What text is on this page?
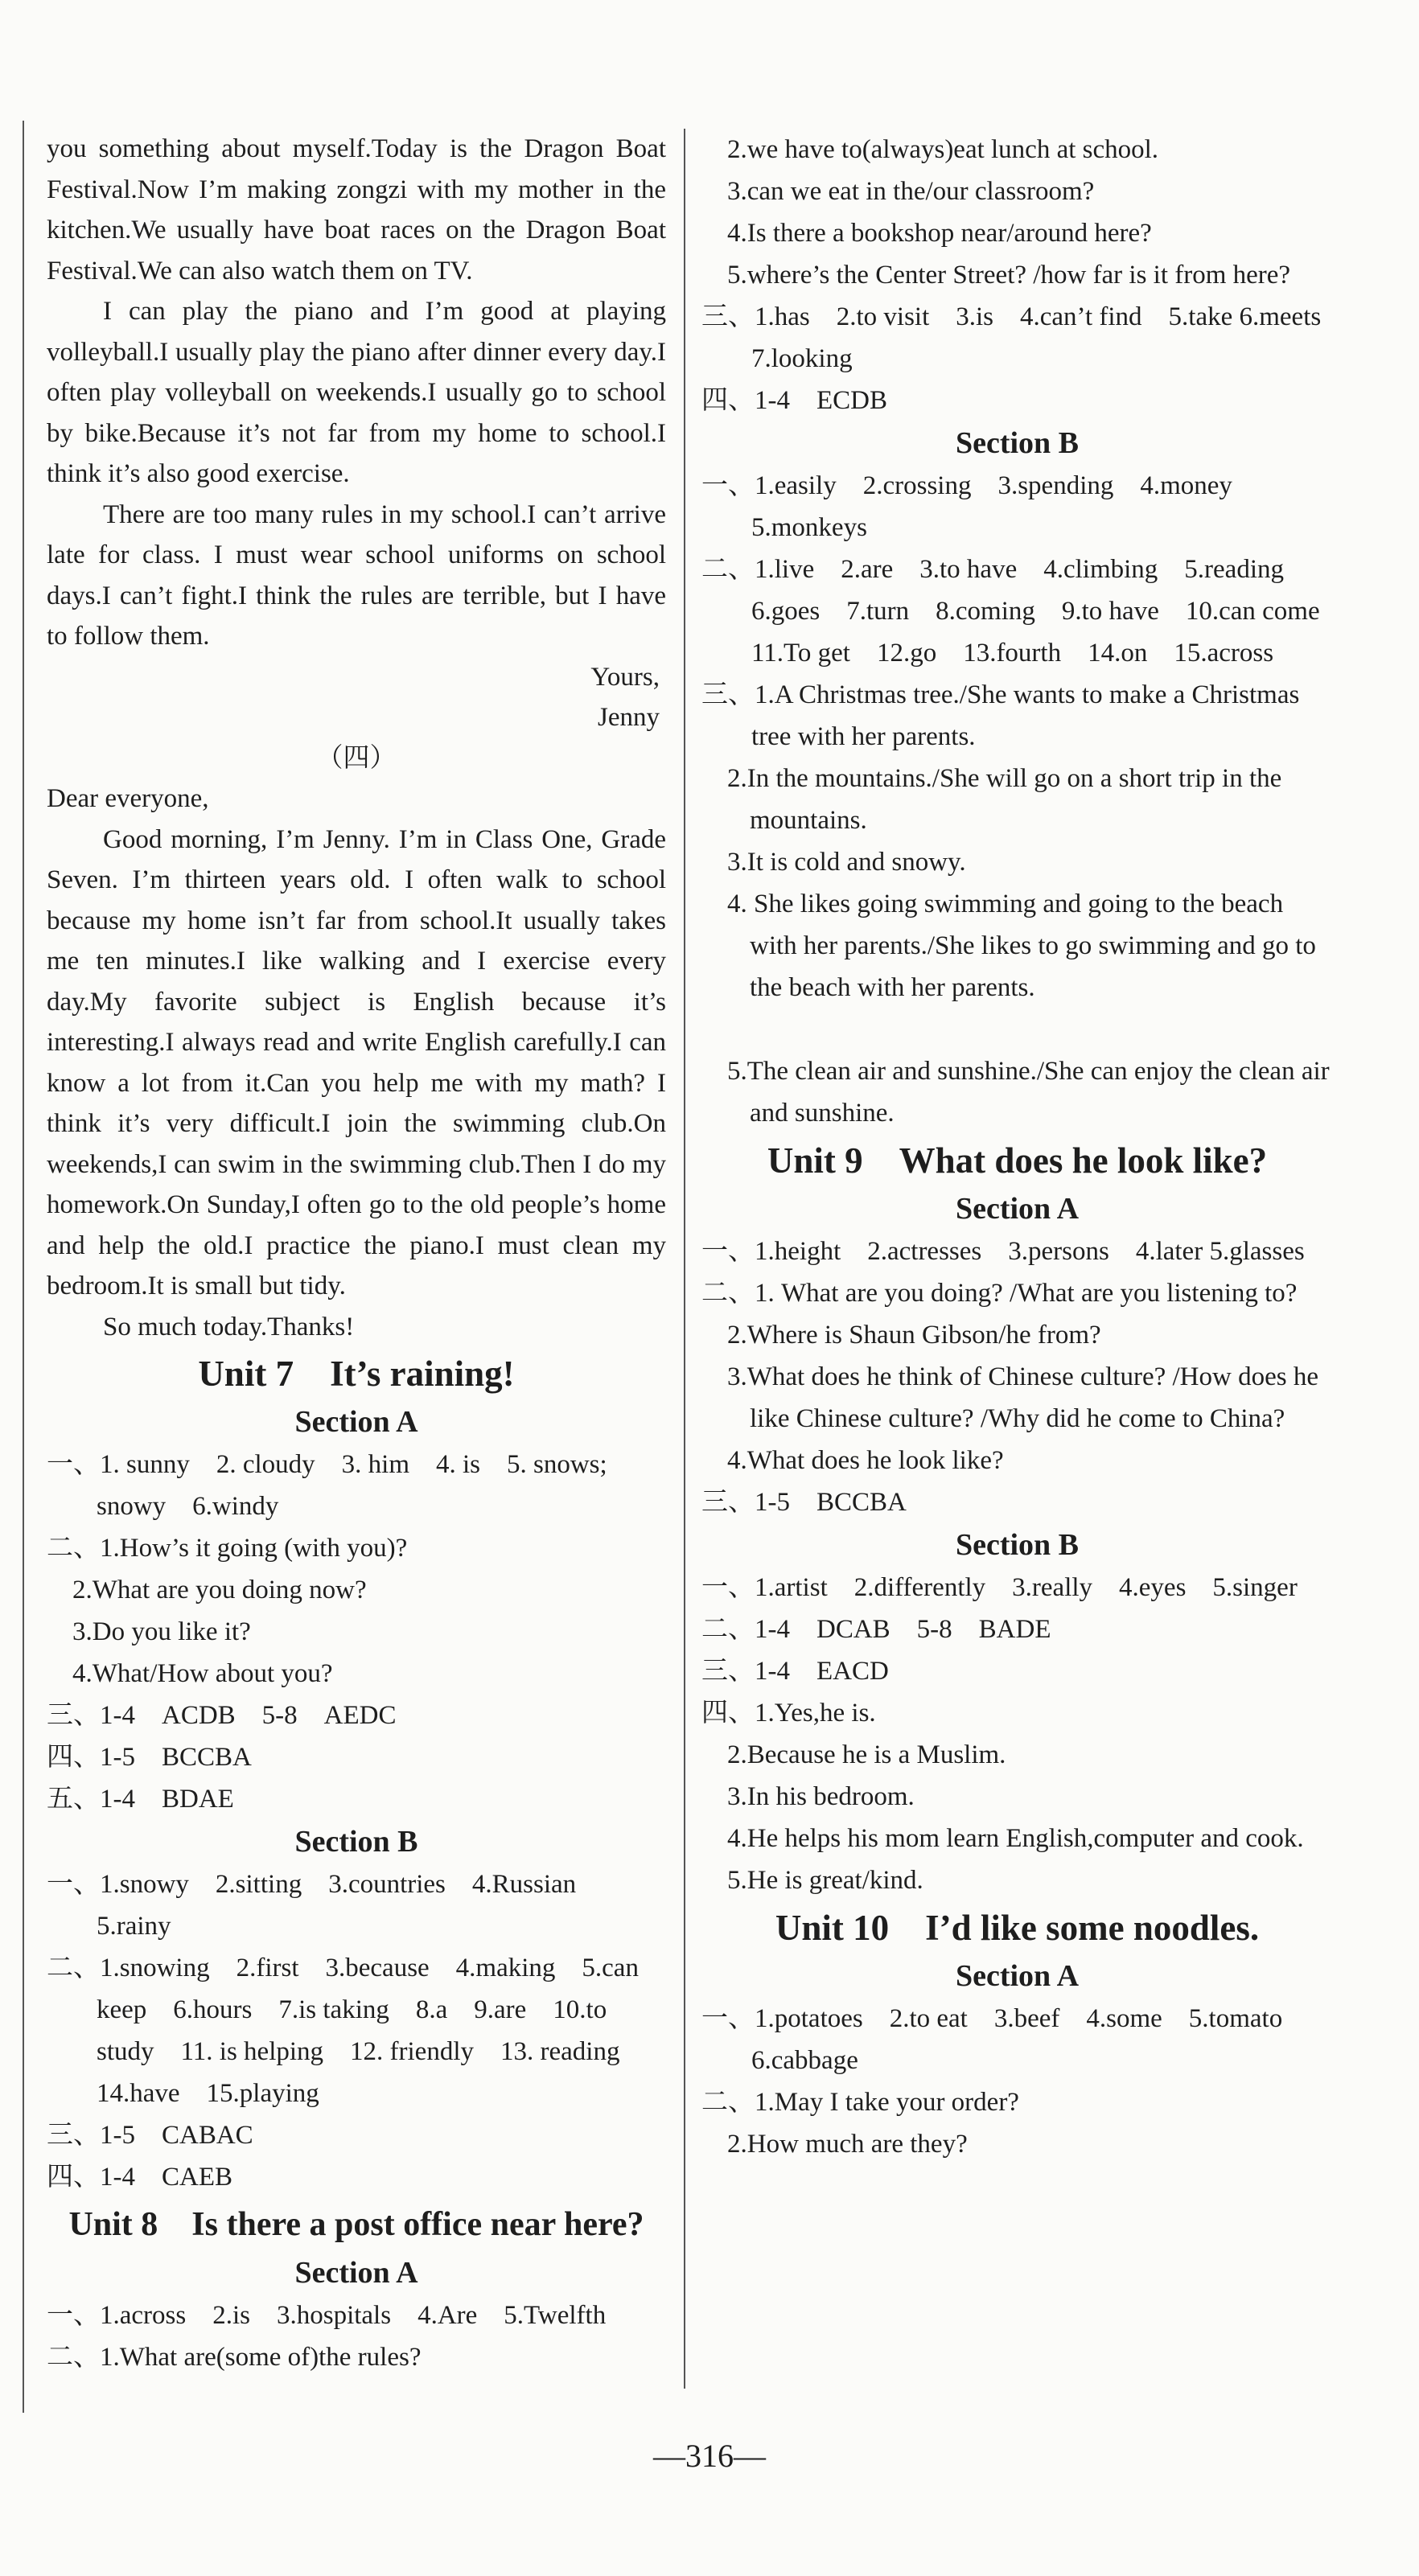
you something about myself.Today is the Dragon Boat Festival.Now I’m making zongzi with my mother in the kitchen.We usually have boat races on the Dragon Boat Festival.We can also watch them on TV.

I can play the piano and I’m good at playing volleyball.I usually play the piano after dinner every day.I often play volleyball on weekends.I usually go to school by bike.Because it’s not far from my home to school.I think it’s also good exercise.

There are too many rules in my school.I can’t arrive late for class. I must wear school uniforms on school days.I can’t fight.I think the rules are terrible, but I have to follow them.

Yours,

Jenny

（四）

Dear everyone,

Good morning, I’m Jenny. I’m in Class One, Grade Seven. I’m thirteen years old. I often walk to school because my home isn’t far from school.It usually takes me ten minutes.I like walking and I exercise every day.My favorite subject is English because it’s interesting.I always read and write English carefully.I can know a lot from it.Can you help me with my math? I think it’s very difficult.I join the swimming club.On weekends,I can swim in the swimming club.Then I do my homework.On Sunday,I often go to the old people’s home and help the old.I practice the piano.I must clean my bedroom.It is small but tidy.

So much today.Thanks!

Unit 7　It’s raining!
Section A

一、1. sunny　2. cloudy　3. him　4. is　5. snows; snowy　6.windy

二、1.How’s it going (with you)?

2.What are you doing now?

3.Do you like it?

4.What/How about you?

三、1-4　ACDB　5-8　AEDC

四、1-5　BCCBA

五、1-4　BDAE

Section B

一、1.snowy　2.sitting　3.countries　4.Russian　5.rainy

二、1.snowing　2.first　3.because　4.making　5.can keep　6.hours　7.is taking　8.a　9.are　10.to study　11. is helping　12. friendly　13. reading　14.have　15.playing

三、1-5　CABAC

四、1-4　CAEB

Unit 8　Is there a post office near here?
Section A

一、1.across　2.is　3.hospitals　4.Are　5.Twelfth

二、1.What are(some of)the rules?

2.we have to(always)eat lunch at school.

3.can we eat in the/our classroom?

4.Is there a bookshop near/around here?

5.where’s the Center Street? /how far is it from here?

三、1.has　2.to visit　3.is　4.can’t find　5.take 6.meets　7.looking

四、1-4　ECDB

Section B

一、1.easily　2.crossing　3.spending　4.money 5.monkeys

二、1.live　2.are　3.to have　4.climbing　5.reading 6.goes　7.turn　8.coming　9.to have　10.can come 11.To get　12.go　13.fourth　14.on　15.across

三、1.A Christmas tree./She wants to make a Christmas tree with her parents.

2.In the mountains./She will go on a short trip in the mountains.

3.It is cold and snowy.

4. She likes going swimming and going to the beach with her parents./She likes to go swimming and go to the beach with her parents.

5.The clean air and sunshine./She can enjoy the clean air and sunshine.

Unit 9　What does he look like?
Section A

一、1.height　2.actresses　3.persons　4.later 5.glasses

二、1. What are you doing? /What are you listening to?

2.Where is Shaun Gibson/he from?

3.What does he think of Chinese culture? /How does he like Chinese culture? /Why did he come to China?

4.What does he look like?

三、1-5　BCCBA

Section B

一、1.artist　2.differently　3.really　4.eyes　5.singer

二、1-4　DCAB　5-8　BADE

三、1-4　EACD

四、1.Yes,he is.

2.Because he is a Muslim.

3.In his bedroom.

4.He helps his mom learn English,computer and cook.

5.He is great/kind.

Unit 10　I’d like some noodles.
Section A

一、1.potatoes　2.to eat　3.beef　4.some　5.tomato 6.cabbage

二、1.May I take your order?

2.How much are they?

—316—
